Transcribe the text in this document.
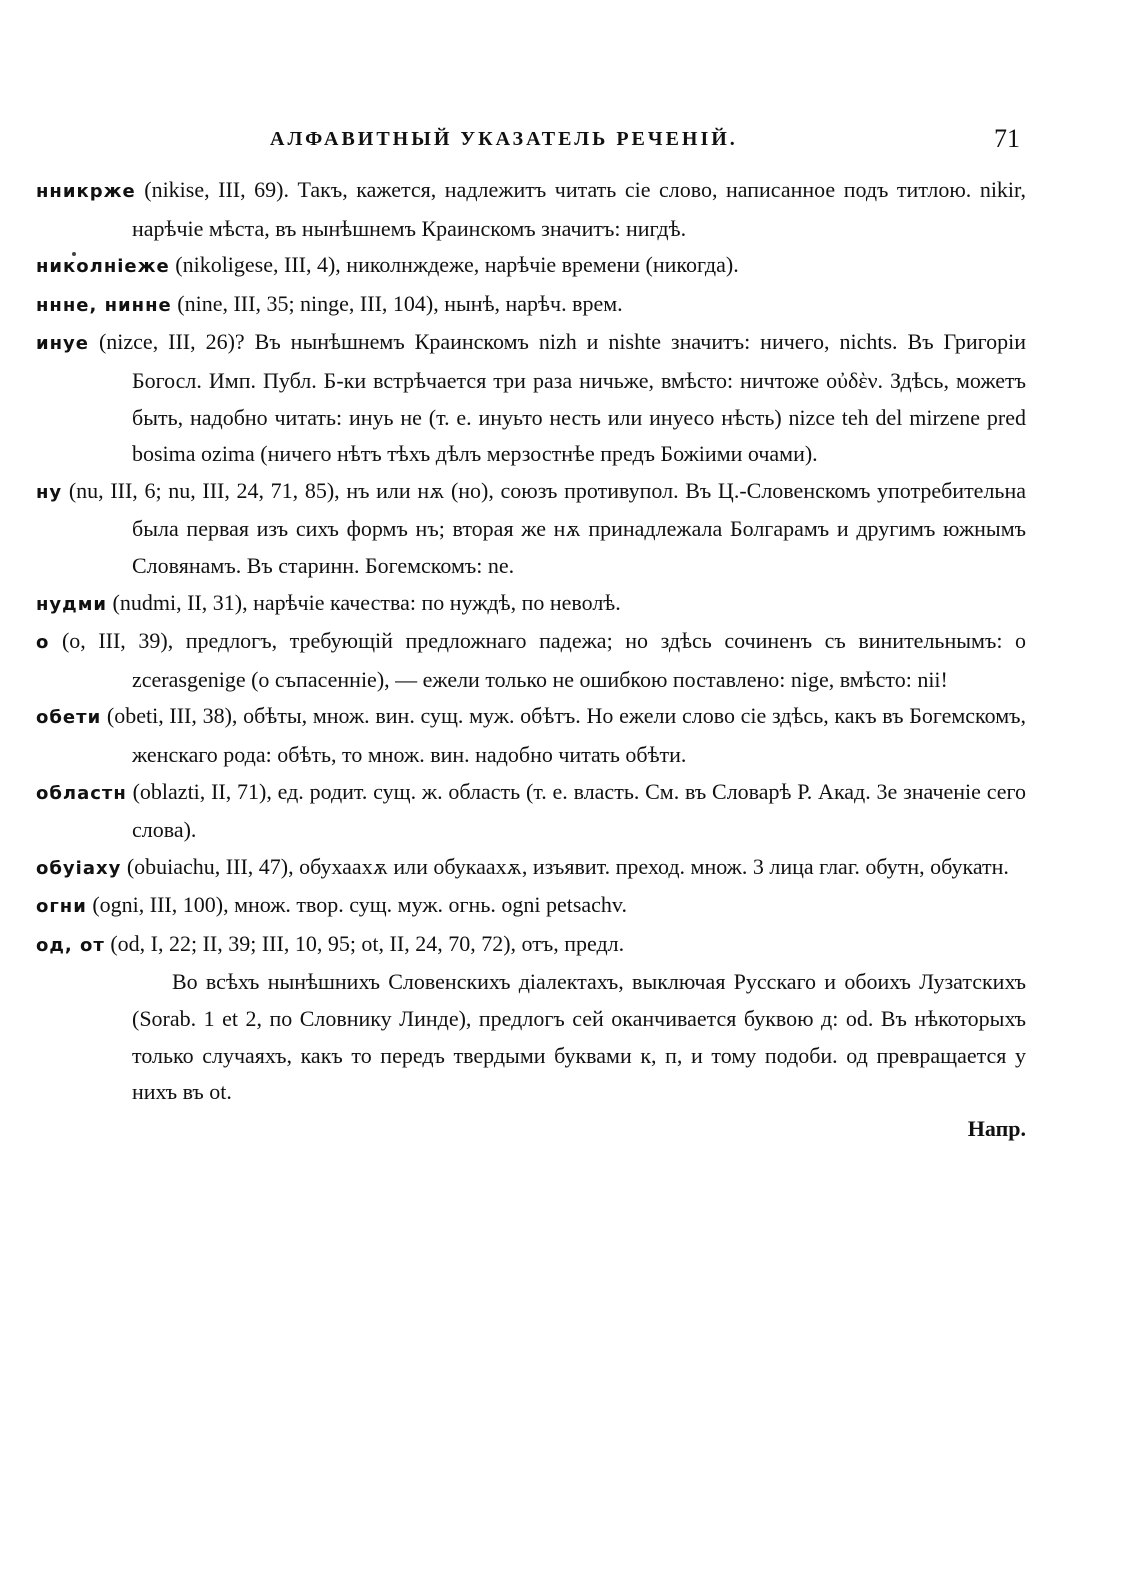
АЛФАВИТНЫЙ УКАЗАТЕЛЬ РЕЧЕНІЙ.	71

нникрже (nikise, III, 69). Такъ, кажется, надлежитъ читать сіе слово, написанное подъ титлою. nikir, нарѣчіе мѣста, въ нынѣшнемъ Краинскомъ значитъ: нигдѣ.

николніеже (nikoligese, III, 4), николнждеже, нарѣчіе времени (никогда).

ннне, нинне (nine, III, 35; ninge, III, 104), нынѣ, нарѣч. врем.

инуе (nizce, III, 26)? Въ нынѣшнемъ Краинскомъ nizh и nishte значитъ: ничего, nichts. Въ Григоріи Богосл. Имп. Публ. Б-ки встрѣчается три раза ничьже, вмѣсто: ничтоже οὐδὲν. Здѣсь, можетъ быть, надобно читать: инуь не (т. е. инуьто несть или инуесо нѣсть) nizce teh del mirzene pred bosima ozima (ничего нѣтъ тѣхъ дѣлъ мерзостнѣе предъ Божіими очами).

ну (nu, III, 6; nu, III, 24, 71, 85), нъ или нѫ (но), союзъ противупол. Въ Ц.-Словенскомъ употребительна была первая изъ сихъ формъ нъ; вторая же нѫ принадлежала Болгарамъ и другимъ южнымъ Словянамъ. Въ старинн. Богемскомъ: ne.

нудми (nudmi, II, 31), нарѣчіе качества: по нуждѣ, по неволѣ.

о (o, III, 39), предлогъ, требующій предложнаго падежа; но здѣсь сочиненъ съ винительнымъ: o zcerasgenige (о съпасенніе), — ежели только не ошибкою поставлено: nige, вмѣсто: nii!

обети (obeti, III, 38), обѣты, множ. вин. сущ. муж. обѣтъ. Но ежели слово сіе здѣсь, какъ въ Богемскомъ, женскаго рода: обѣть, то множ. вин. надобно читать обѣти.

областн (oblazti, II, 71), ед. родит. сущ. ж. область (т. е. власть. См. въ Словарѣ Р. Акад. 3е значеніе сего слова).

обуіаху (obuiachu, III, 47), обухаахѫ или обукаахѫ, изъявит. преход. множ. 3 лица глаг. обутн, обукатн.

огни (ogni, III, 100), множ. твор. сущ. муж. огнь. ogni petsachv.

од, от (od, I, 22; II, 39; III, 10, 95; ot, II, 24, 70, 72), отъ, предл.

Во всѣхъ нынѣшнихъ Словенскихъ діалектахъ, выключая Русскаго и обоихъ Лузатскихъ (Sorab. 1 et 2, по Словнику Линде), предлогъ сей оканчивается буквою д: od. Въ нѣкоторыхъ только случаяхъ, какъ то передъ твердыми буквами к, п, и тому подоби. од превращается у нихъ въ ot.

Напр.
